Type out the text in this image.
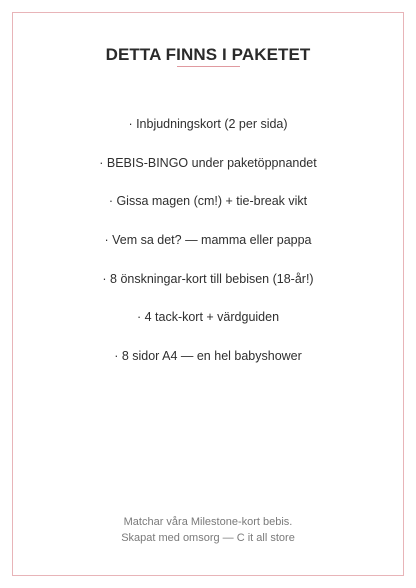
DETTA FINNS I PAKETET
· Inbjudningskort (2 per sida)
· BEBIS-BINGO under paketöppnandet
· Gissa magen (cm!) + tie-break vikt
· Vem sa det? — mamma eller pappa
· 8 önskningar-kort till bebisen (18-år!)
· 4 tack-kort + värdguiden
· 8 sidor A4 — en hel babyshower
Matchar våra Milestone-kort bebis.
Skapat med omsorg — C it all store
